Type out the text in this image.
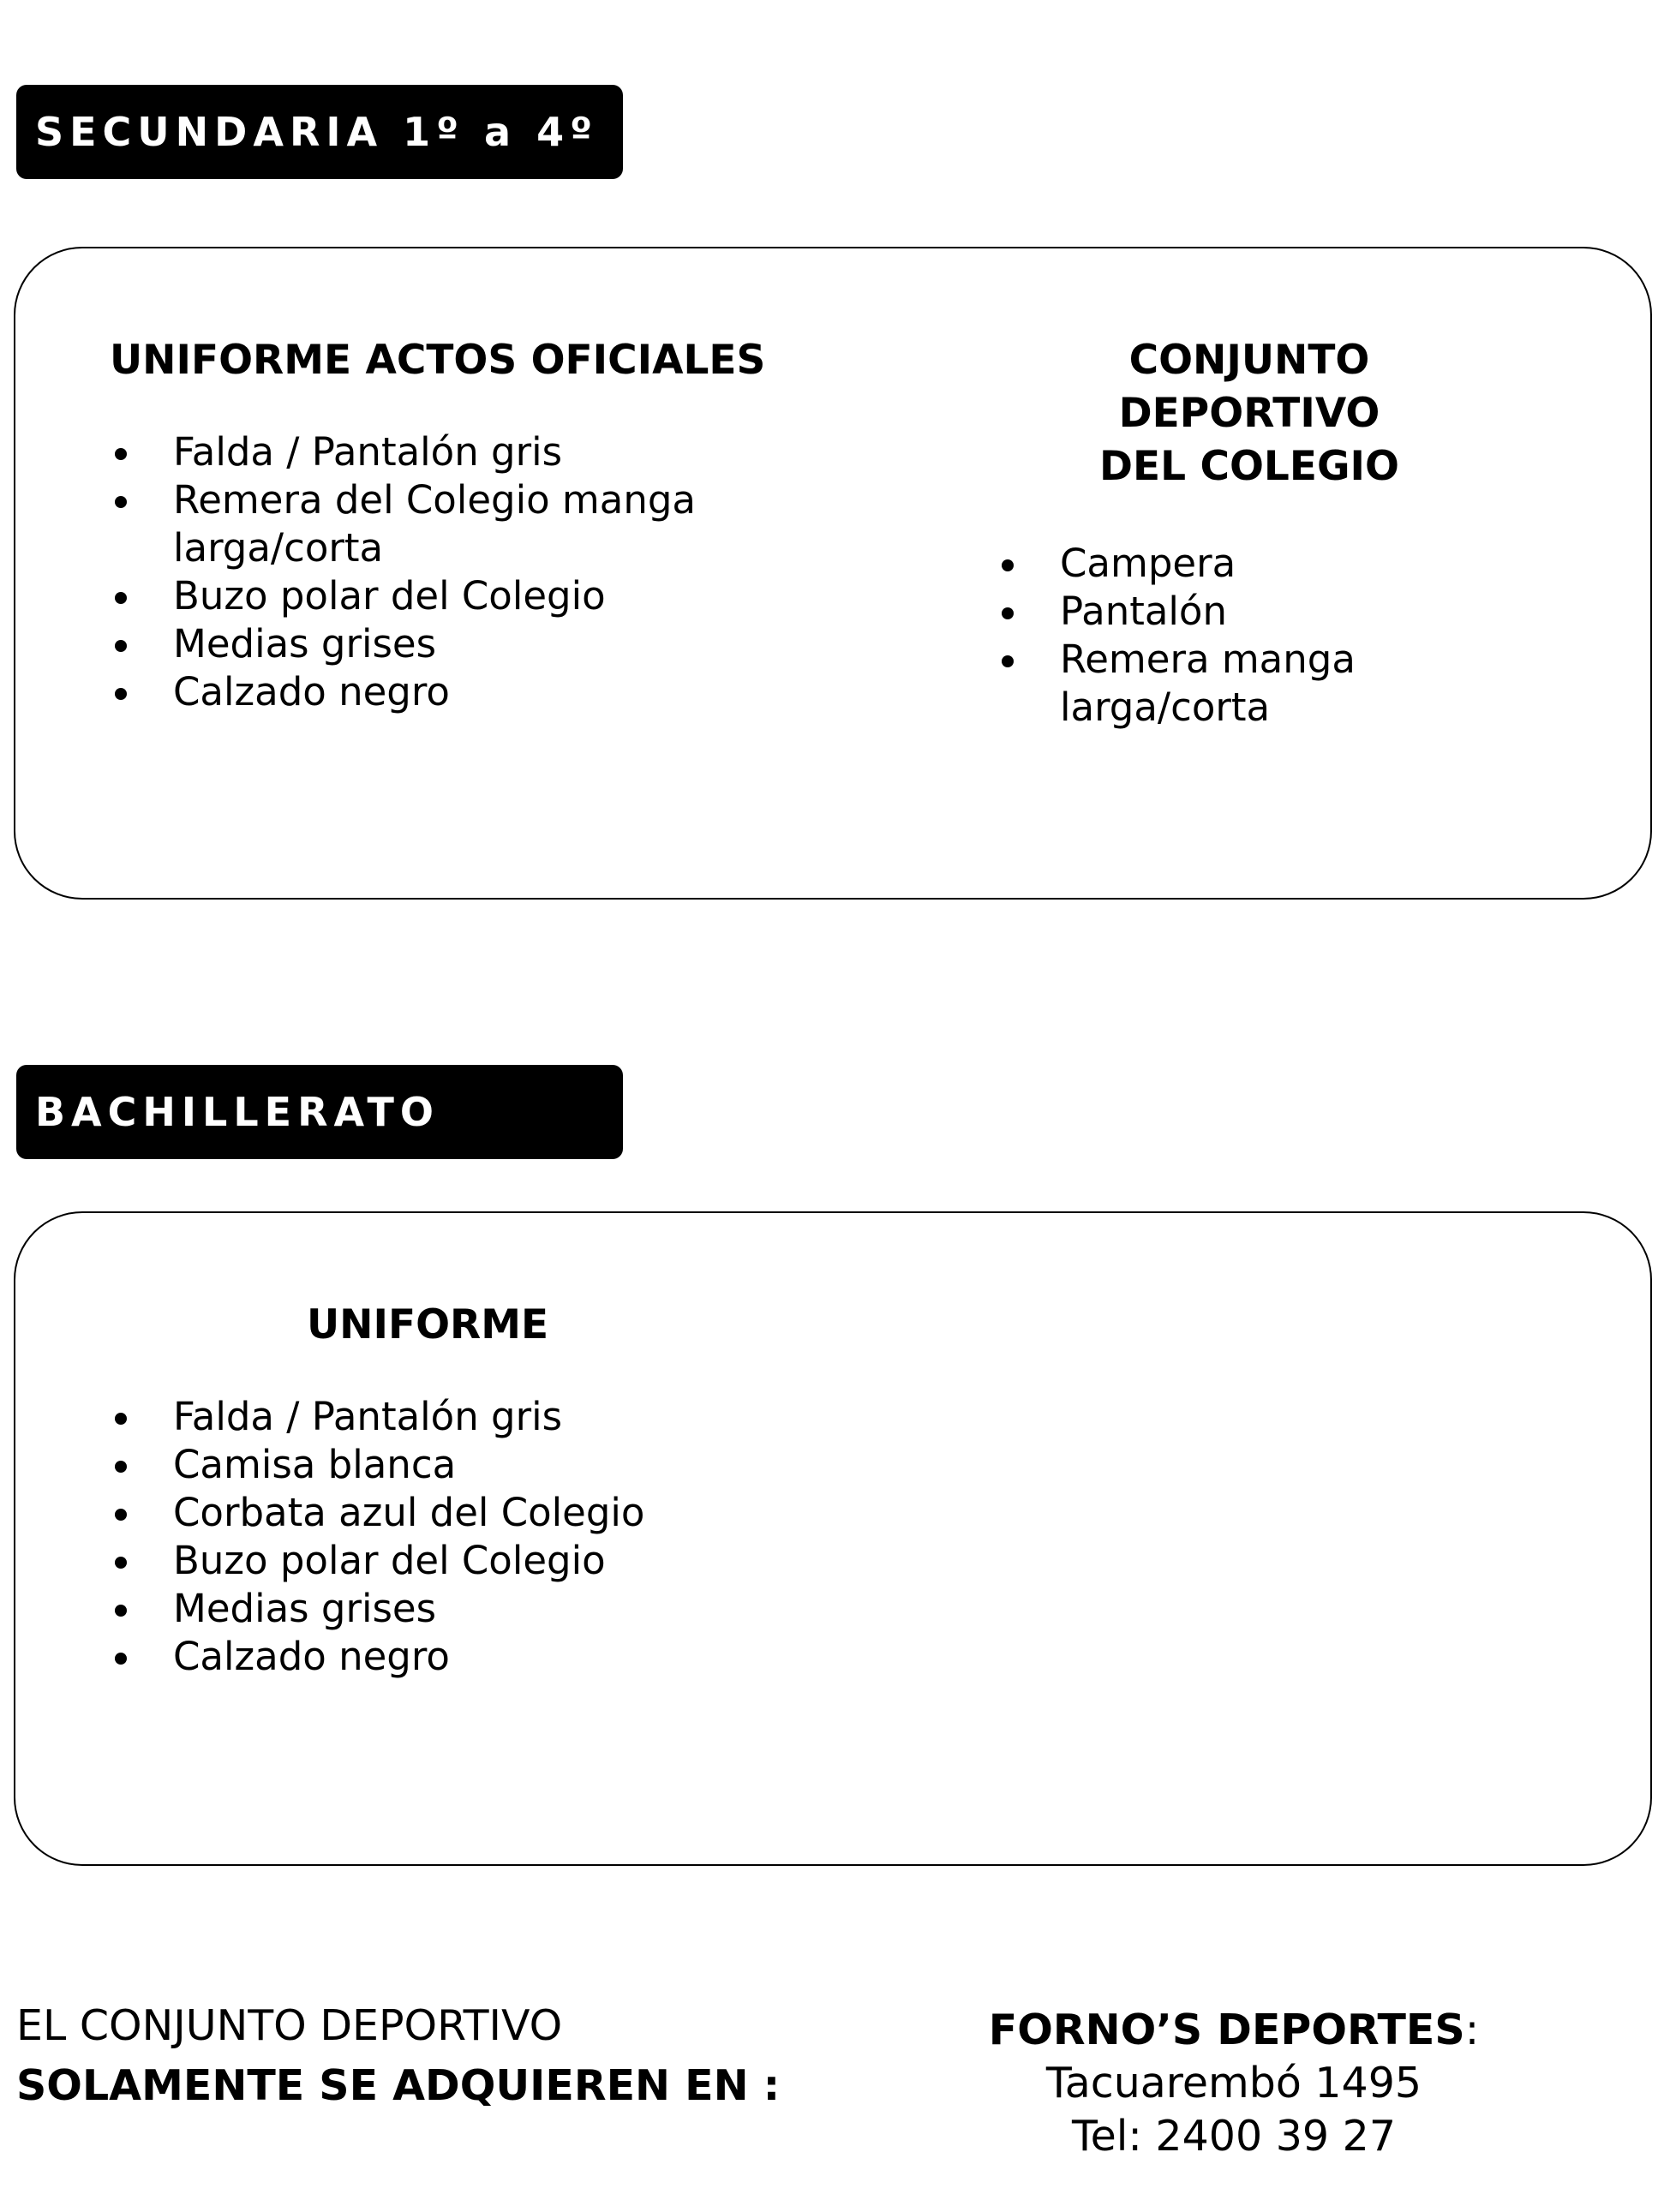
SECUNDARIA 1º a 4º

UNIFORME ACTOS OFICIALES

Falda / Pantalón gris
Remera del Colegio manga larga/corta
Buzo polar del Colegio
Medias grises
Calzado negro

CONJUNTO DEPORTIVO
DEL COLEGIO

Campera
Pantalón
Remera manga larga/corta
BACHILLERATO

UNIFORME

Falda / Pantalón gris
Camisa blanca
Corbata azul del Colegio
Buzo polar del Colegio
Medias grises
Calzado negro
EL CONJUNTO DEPORTIVO
SOLAMENTE SE ADQUIEREN EN :
FORNO’S DEPORTES:
Tacuarembó 1495
Tel: 2400 39 27
